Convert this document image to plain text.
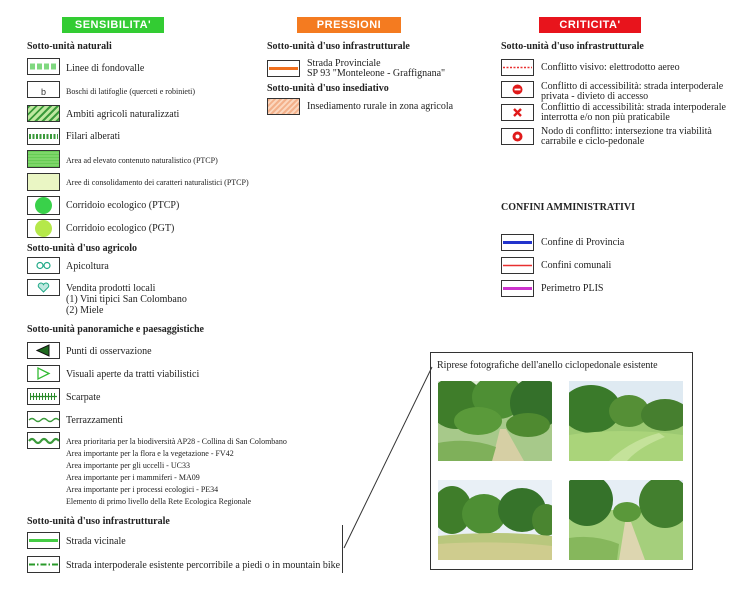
SENSIBILITA'	PRESSIONI	CRITICITA'
Sotto-unità naturali
Linee di fondovalle
b	Boschi di latifoglie (querceti e robinieti)
Ambiti agricoli naturalizzati
Filari alberati
Area ad elevato contenuto naturalistico (PTCP)
Aree di consolidamento dei caratteri naturalistici (PTCP)
Corridoio ecologico (PTCP)
Corridoio ecologico (PGT)
Sotto-unità d'uso agricolo
Apicoltura
Vendita prodotti locali
(1) Vini tipici San Colombano
(2) Miele
Sotto-unità panoramiche e paesaggistiche
Punti di osservazione
Visuali aperte da tratti viabilistici
Scarpate
Terrazzamenti
Area prioritaria per la biodiversità AP28 - Collina di San Colombano
Area importante per la flora e la vegetazione - FV42
Area importante per gli uccelli - UC33
Area importante per i mammiferi - MA09
Area importante per i processi ecologici - PE34
Elemento di primo livello della Rete Ecologica Regionale
Sotto-unità d'uso infrastrutturale
Strada vicinale
Strada interpoderale esistente percorribile a piedi o in mountain bike
Sotto-unità d'uso infrastrutturale
Strada Provinciale
SP 93 "Monteleone - Graffignana"
Sotto-unità d'uso insediativo
Insediamento rurale in zona agricola
Sotto-unità d'uso infrastrutturale
Conflitto visivo: elettrodotto aereo
Conflitto di accessibilità: strada interpoderale
privata - divieto di accesso
Conflittio di accessibilità: strada interpoderale
interrotta e/o non più praticabile
Nodo di conflitto: intersezione tra viabilità
carrabile e ciclo-pedonale
CONFINI AMMINISTRATIVI
Confine di Provincia
Confini comunali
Perimetro PLIS
Riprese fotografiche dell'anello ciclopedonale esistente
